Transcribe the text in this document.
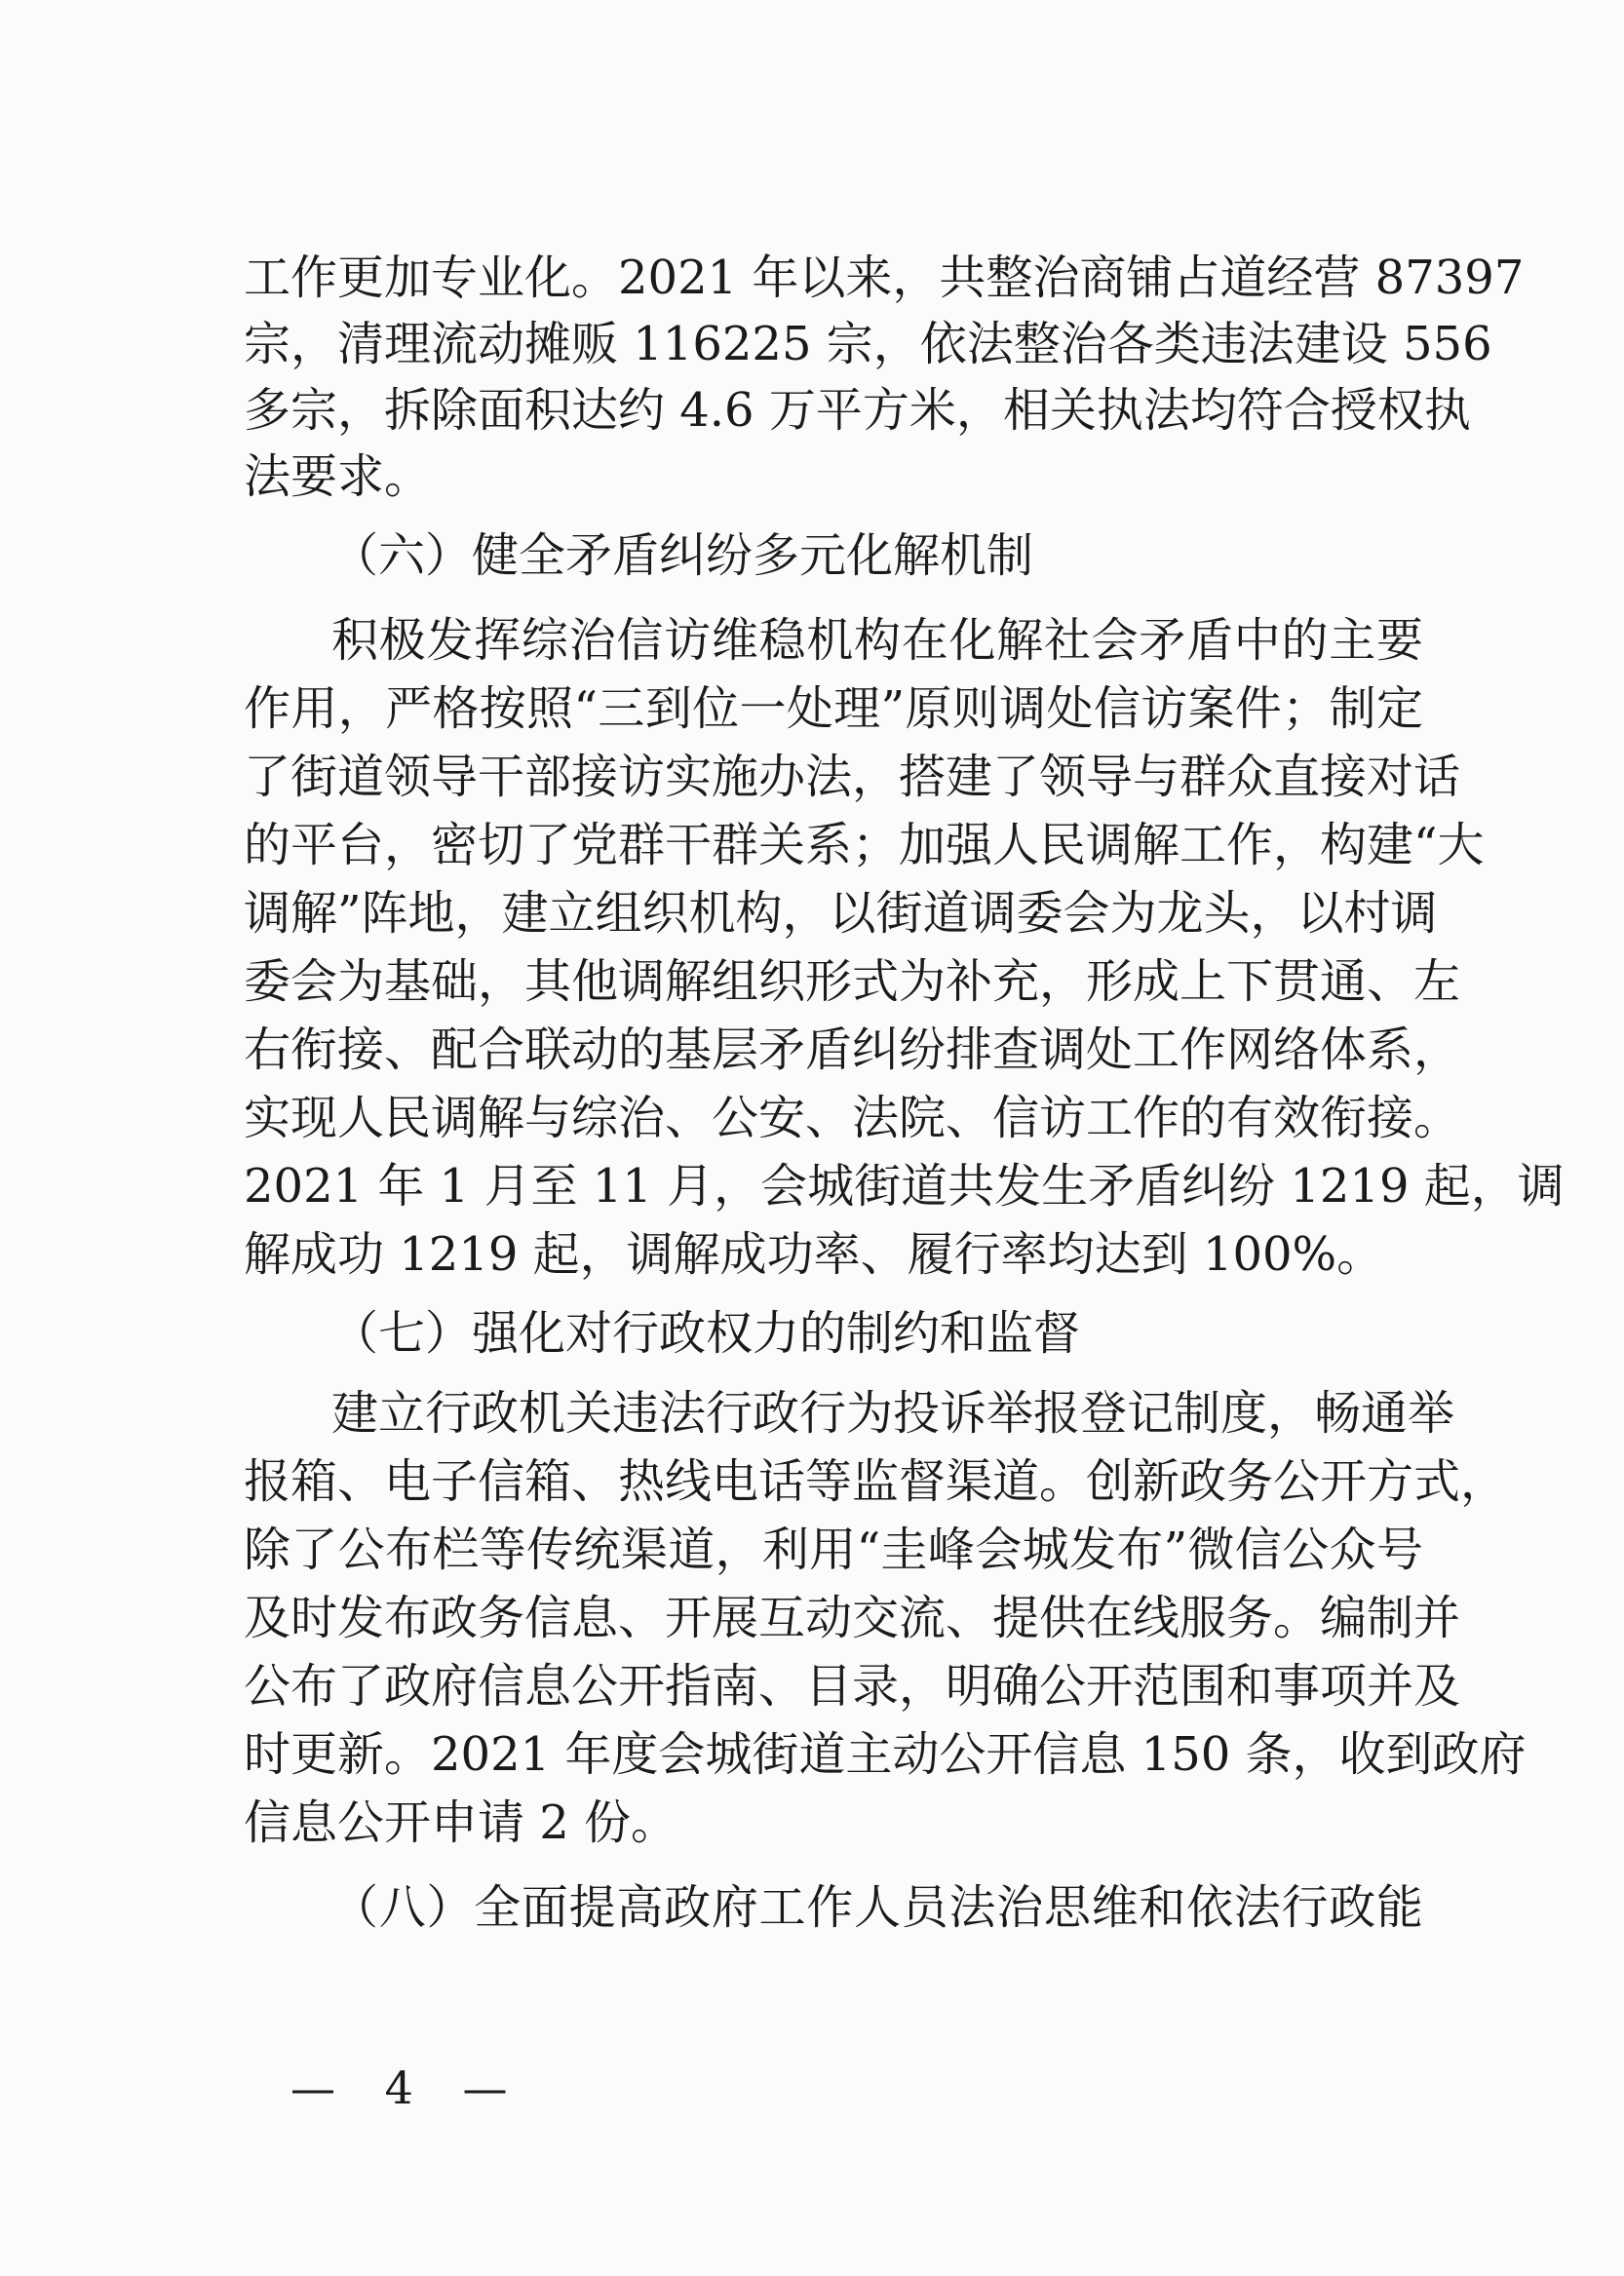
工作更加专业化。2021 年以来，共整治商铺占道经营 87397
宗，清理流动摊贩 116225 宗，依法整治各类违法建设 556
多宗，拆除面积达约 4.6 万平方米，相关执法均符合授权执
法要求。
（六）健全矛盾纠纷多元化解机制
积极发挥综治信访维稳机构在化解社会矛盾中的主要
作用，严格按照“三到位一处理”原则调处信访案件；制定
了街道领导干部接访实施办法，搭建了领导与群众直接对话
的平台，密切了党群干群关系；加强人民调解工作，构建“大
调解”阵地，建立组织机构，以街道调委会为龙头，以村调
委会为基础，其他调解组织形式为补充，形成上下贯通、左
右衔接、配合联动的基层矛盾纠纷排查调处工作网络体系，
实现人民调解与综治、公安、法院、信访工作的有效衔接。
2021 年 1 月至 11 月，会城街道共发生矛盾纠纷 1219 起，调
解成功 1219 起，调解成功率、履行率均达到 100%。
（七）强化对行政权力的制约和监督
建立行政机关违法行政行为投诉举报登记制度，畅通举
报箱、电子信箱、热线电话等监督渠道。创新政务公开方式，
除了公布栏等传统渠道，利用“圭峰会城发布”微信公众号
及时发布政务信息、开展互动交流、提供在线服务。编制并
公布了政府信息公开指南、目录，明确公开范围和事项并及
时更新。2021 年度会城街道主动公开信息 150 条，收到政府
信息公开申请 2 份。
（八）全面提高政府工作人员法治思维和依法行政能
— 4 —
